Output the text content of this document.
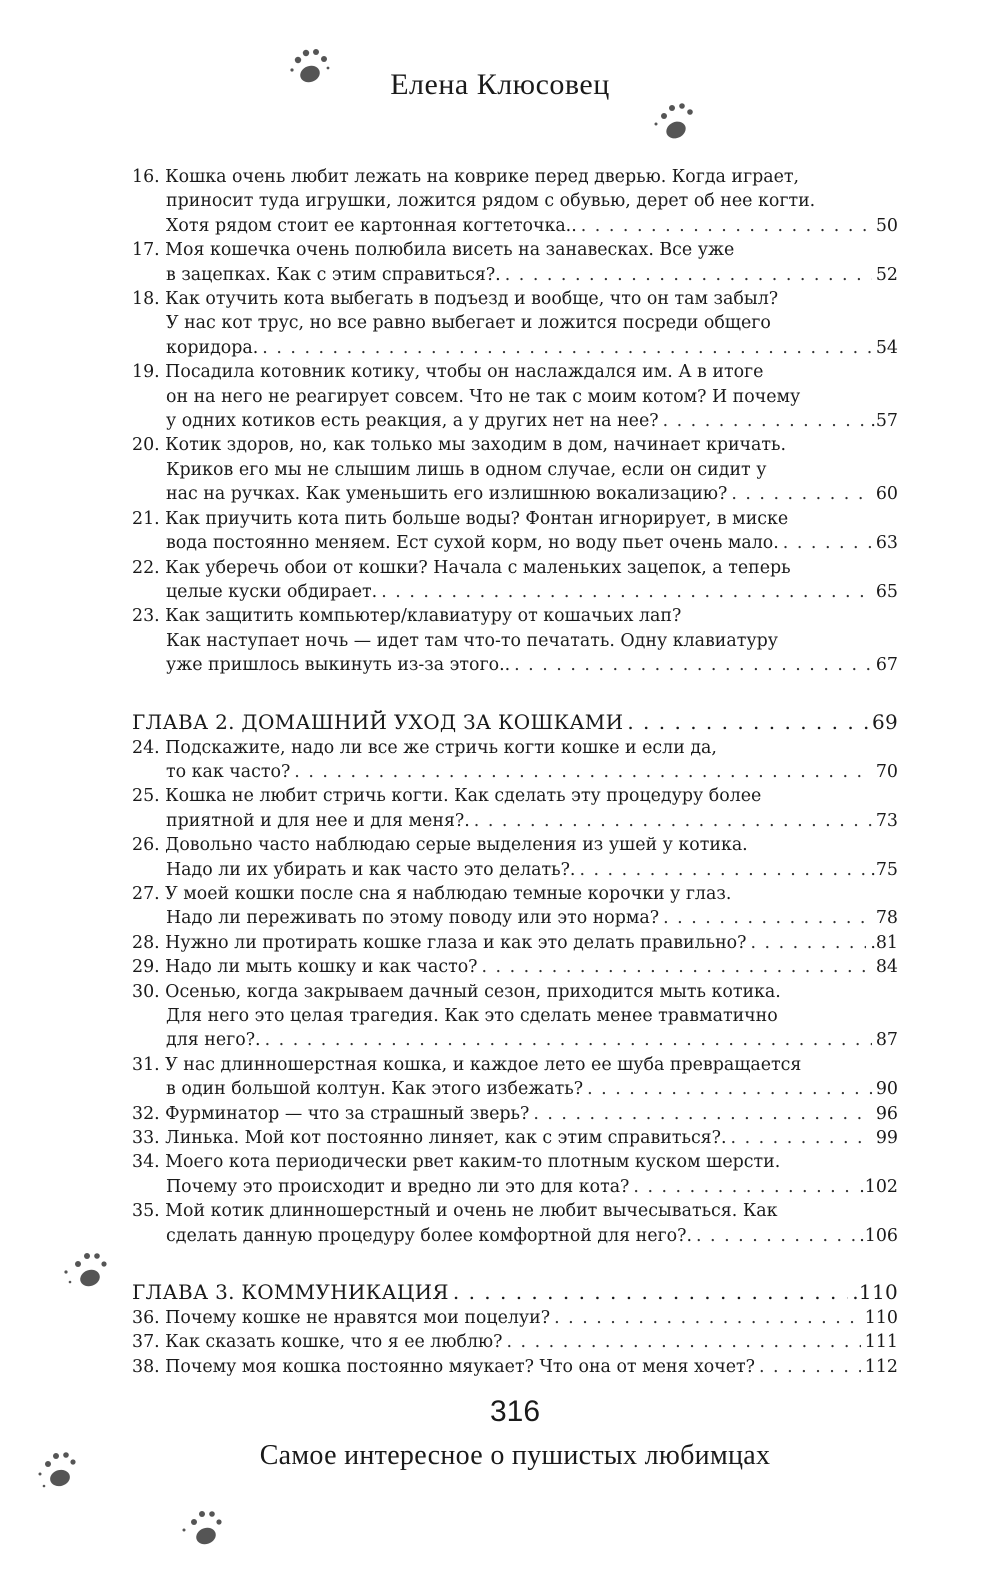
Елена Клюсовец
16. Кошка очень любит лежать на коврике перед дверью. Когда играет,
приносит туда игрушки, ложится рядом с обувью, дерет об нее когти.
Хотя рядом стоит ее картонная когтеточка.. . . .	50
17. Моя кошечка очень полюбила висеть на занавесках. Все уже
в зацепках. Как с этим справиться?. . . .	52
18. Как отучить кота выбегать в подъезд и вообще, что он там забыл?
У нас кот трус, но все равно выбегает и ложится посреди общего
коридора. . . .	54
19. Посадила котовник котику, чтобы он наслаждался им. А в итоге
он на него не реагирует совсем. Что не так с моим котом? И почему
у одних котиков есть реакция, а у других нет на нее? . . .	.57
20. Котик здоров, но, как только мы заходим в дом, начинает кричать.
Криков его мы не слышим лишь в одном случае, если он сидит у
нас на ручках. Как уменьшить его излишнюю вокализацию? . . .	60
21. Как приучить кота пить больше воды? Фонтан игнорирует, в миске
вода постоянно меняем. Ест сухой корм, но воду пьет очень мало. . . .	63
22. Как уберечь обои от кошки? Начала с маленьких зацепок, а теперь
целые куски обдирает. . . .	65
23. Как защитить компьютер/клавиатуру от кошачьих лап?
Как наступает ночь — идет там что-то печатать. Одну клавиатуру
уже пришлось выкинуть из-за этого.. . . .	67
ГЛАВА 2. ДОМАШНИЙ УХОД ЗА КОШКАМИ . . .	69
24. Подскажите, надо ли все же стричь когти кошке и если да,
то как часто? . . .	70
25. Кошка не любит стричь когти. Как сделать эту процедуру более
приятной и для нее и для меня?. . . .	73
26. Довольно часто наблюдаю серые выделения из ушей у котика.
Надо ли их убирать и как часто это делать?. . . .	.75
27. У моей кошки после сна я наблюдаю темные корочки у глаз.
Надо ли переживать по этому поводу или это норма? . . .	78
28. Нужно ли протирать кошке глаза и как это делать правильно? . . .	.81
29. Надо ли мыть кошку и как часто? . . .	84
30. Осенью, когда закрываем дачный сезон, приходится мыть котика.
Для него это целая трагедия. Как это сделать менее травматично
для него?. . . .	87
31. У нас длинношерстная кошка, и каждое лето ее шуба превращается
в один большой колтун. Как этого избежать? . . .	90
32. Фурминатор — что за страшный зверь? . . .	96
33. Линька. Мой кот постоянно линяет, как с этим справиться?. . . .	99
34. Моего кота периодически рвет каким-то плотным куском шерсти.
Почему это происходит и вредно ли это для кота? . . .	.102
35. Мой котик длинношерстный и очень не любит вычесываться. Как
сделать данную процедуру более комфортной для него?. . . .	.106
ГЛАВА 3. КОММУНИКАЦИЯ . . .	.110
36. Почему кошке не нравятся мои поцелуи? . . .	110
37. Как сказать кошке, что я ее люблю? . . .	111
38. Почему моя кошка постоянно мяукает? Что она от меня хочет? . . .	112
316
Самое интересное о пушистых любимцах
